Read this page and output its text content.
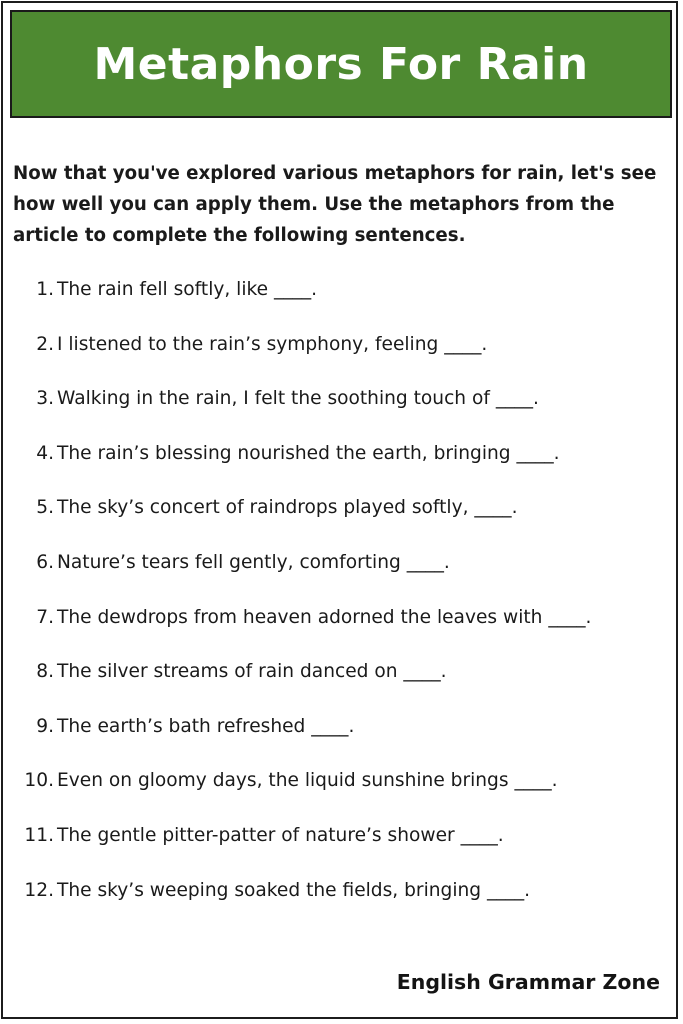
Metaphors For Rain

Now that you've explored various metaphors for rain, let's see how well you can apply them. Use the metaphors from the article to complete the following sentences.

1. The rain fell softly, like ____.
2. I listened to the rain’s symphony, feeling ____.
3. Walking in the rain, I felt the soothing touch of ____.
4. The rain’s blessing nourished the earth, bringing ____.
5. The sky’s concert of raindrops played softly, ____.
6. Nature’s tears fell gently, comforting ____.
7. The dewdrops from heaven adorned the leaves with ____.
8. The silver streams of rain danced on ____.
9. The earth’s bath refreshed ____.
10. Even on gloomy days, the liquid sunshine brings ____.
11. The gentle pitter-patter of nature’s shower ____.
12. The sky’s weeping soaked the fields, bringing ____.
English Grammar Zone
